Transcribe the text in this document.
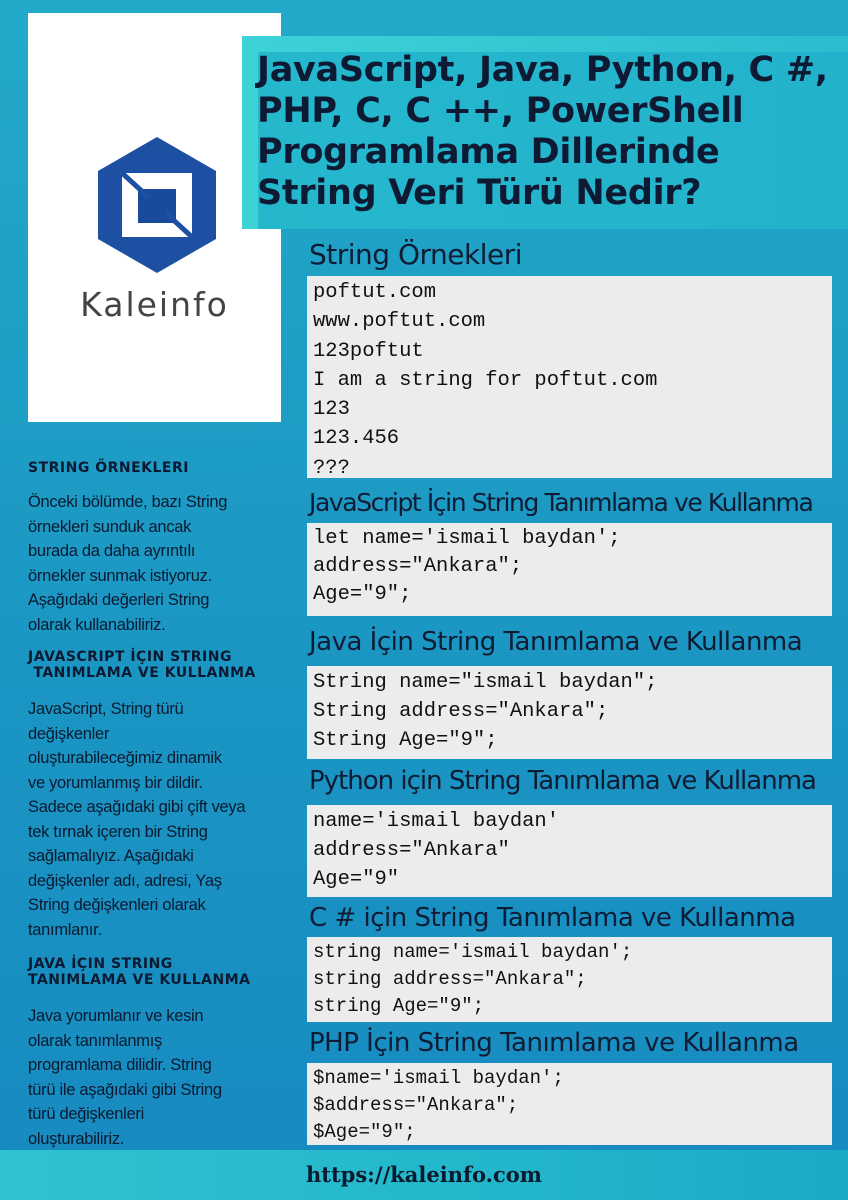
Kaleinfo
JavaScript, Java, Python, C #,
PHP, C, C ++, PowerShell
Programlama Dillerinde
String Veri Türü Nedir?
String Örnekleri
poftut.com
www.poftut.com
123poftut
I am a string for poftut.com
123
123.456
???
JavaScript İçin String Tanımlama ve Kullanma
let name='ismail baydan';
address="Ankara";
Age="9";
Java İçin String Tanımlama ve Kullanma
String name="ismail baydan";
String address="Ankara";
String Age="9";
Python için String Tanımlama ve Kullanma
name='ismail baydan'
address="Ankara"
Age="9"
C # için String Tanımlama ve Kullanma
string name='ismail baydan';
string address="Ankara";
string Age="9";
PHP İçin String Tanımlama ve Kullanma
$name='ismail baydan';
$address="Ankara";
$Age="9";
STRING ÖRNEKLERI
Önceki bölümde, bazı String
örnekleri sunduk ancak
burada da daha ayrıntılı
örnekler sunmak istiyoruz.
Aşağıdaki değerleri String
olarak kullanabiliriz.
JAVASCRIPT İÇIN STRING
TANIMLAMA VE KULLANMA
JavaScript, String türü
değişkenler
oluşturabileceğimiz dinamik
ve yorumlanmış bir dildir.
Sadece aşağıdaki gibi çift veya
tek tırnak içeren bir String
sağlamalıyız. Aşağıdaki
değişkenler adı, adresi, Yaş
String değişkenleri olarak
tanımlanır.
JAVA İÇIN STRING
TANIMLAMA VE KULLANMA
Java yorumlanır ve kesin
olarak tanımlanmış
programlama dilidir. String
türü ile aşağıdaki gibi String
türü değişkenleri
oluşturabiliriz.
https://kaleinfo.com
